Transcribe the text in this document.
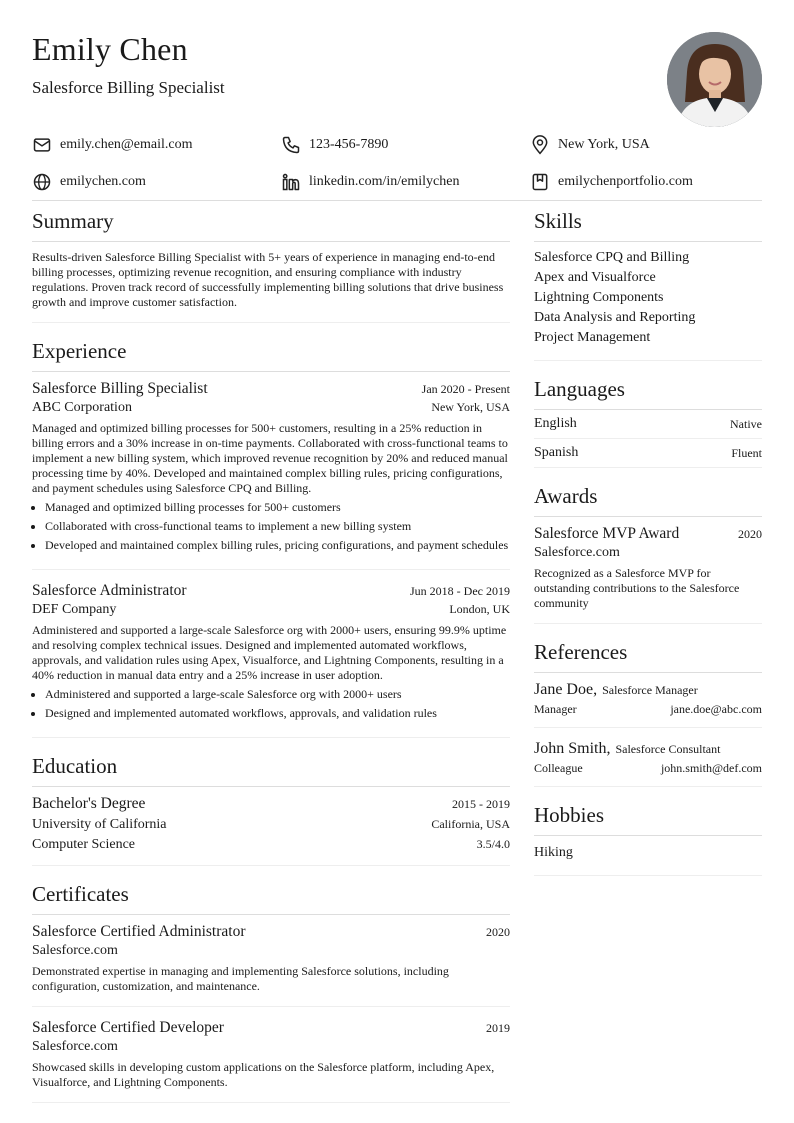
Emily Chen
Salesforce Billing Specialist
emily.chen@email.com	123-456-7890	New York, USA
emilychen.com	linkedin.com/in/emilychen	emilychenportfolio.com
Summary

Results-driven Salesforce Billing Specialist with 5+ years of experience in managing end-to-end billing processes, optimizing revenue recognition, and ensuring compliance with industry regulations. Proven track record of successfully implementing billing solutions that drive business growth and improve customer satisfaction.

Experience
Salesforce Billing Specialist	Jan 2020 - Present
ABC Corporation	New York, USA

Managed and optimized billing processes for 500+ customers, resulting in a 25% reduction in billing errors and a 30% increase in on-time payments. Collaborated with cross-functional teams to implement a new billing system, which improved revenue recognition by 20% and reduced manual processing time by 40%. Developed and maintained complex billing rules, pricing configurations, and payment schedules using Salesforce CPQ and Billing.

• Managed and optimized billing processes for 500+ customers
• Collaborated with cross-functional teams to implement a new billing system
• Developed and maintained complex billing rules, pricing configurations, and payment schedules
Salesforce Administrator	Jun 2018 - Dec 2019
DEF Company	London, UK

Administered and supported a large-scale Salesforce org with 2000+ users, ensuring 99.9% uptime and resolving complex technical issues. Designed and implemented automated workflows, approvals, and validation rules using Apex, Visualforce, and Lightning Components, resulting in a 40% reduction in manual data entry and a 25% increase in user adoption.

• Administered and supported a large-scale Salesforce org with 2000+ users
• Designed and implemented automated workflows, approvals, and validation rules
Education
Bachelor's Degree	2015 - 2019
University of California	California, USA
Computer Science	3.5/4.0
Certificates
Salesforce Certified Administrator	2020
Salesforce.com

Demonstrated expertise in managing and implementing Salesforce solutions, including configuration, customization, and maintenance.

Salesforce Certified Developer	2019
Salesforce.com

Showcased skills in developing custom applications on the Salesforce platform, including Apex, Visualforce, and Lightning Components.

Skills
Salesforce CPQ and Billing
Apex and Visualforce
Lightning Components
Data Analysis and Reporting
Project Management
Languages
English	Native
Spanish	Fluent
Awards
Salesforce MVP Award	2020
Salesforce.com

Recognized as a Salesforce MVP for outstanding contributions to the Salesforce community

References
Jane Doe, Salesforce Manager
Manager	jane.doe@abc.com
John Smith, Salesforce Consultant
Colleague	john.smith@def.com
Hobbies
Hiking
